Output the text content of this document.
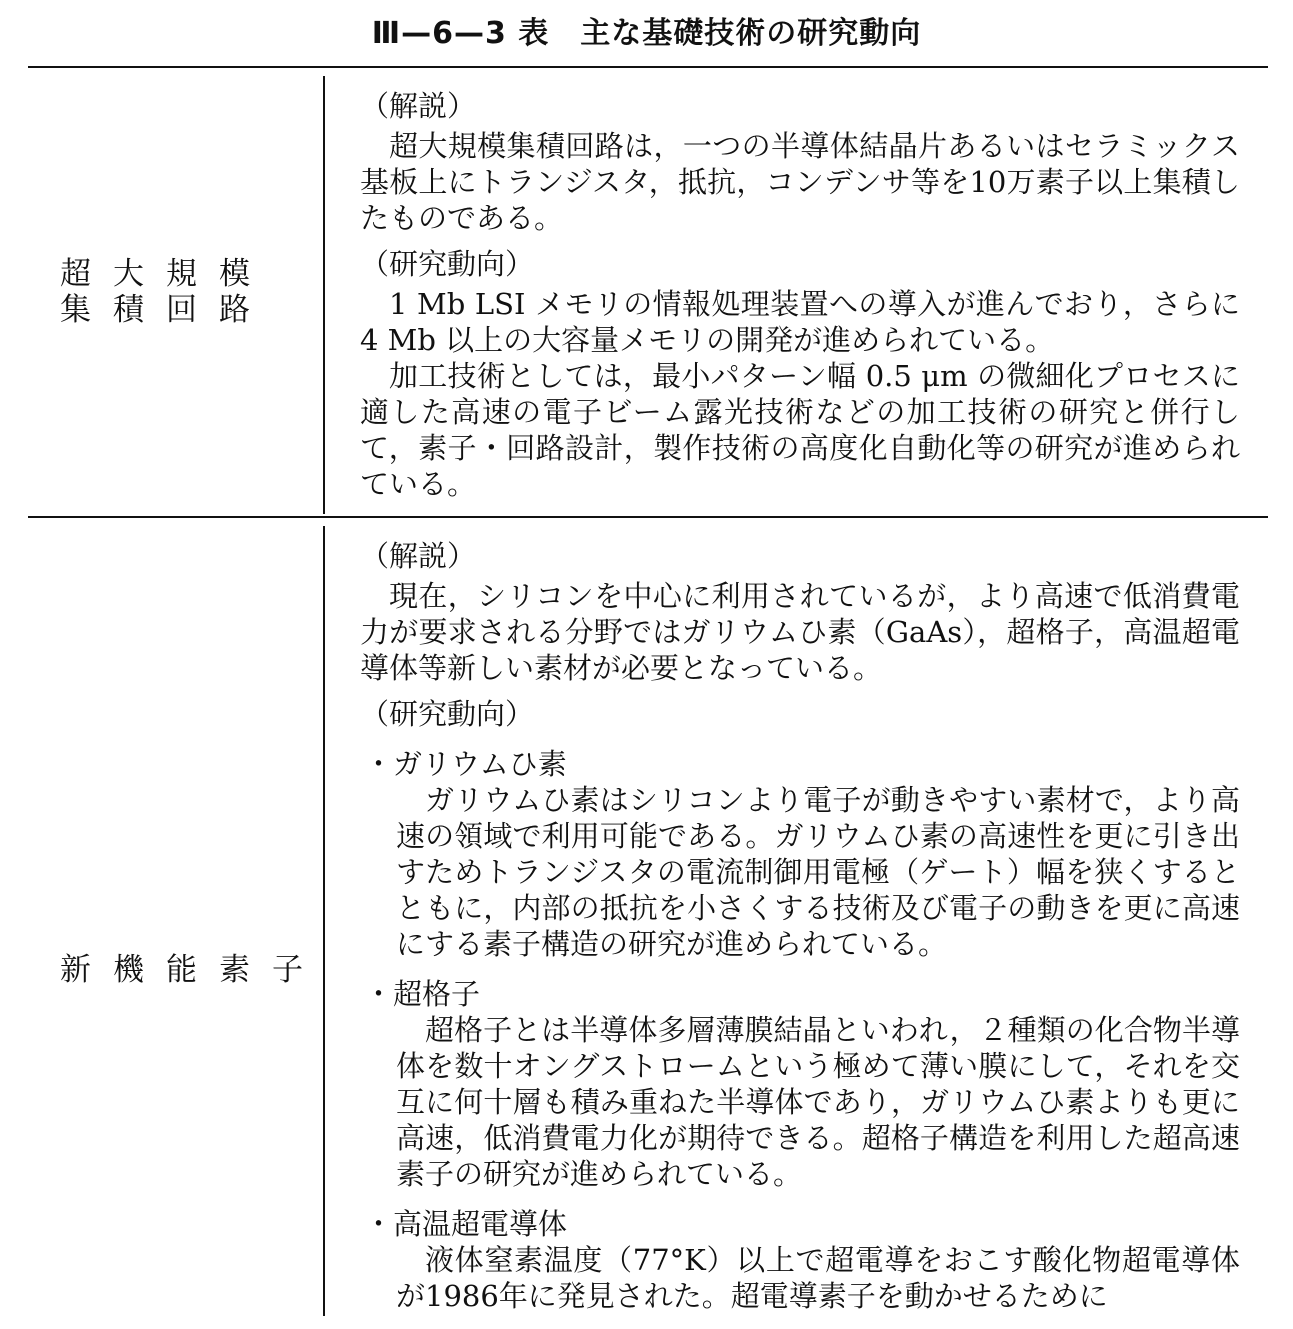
Ⅲ—6—3 表　主な基礎技術の研究動向
超大規模
集積回路

（解説）

超大規模集積回路は，一つの半導体結晶片あるいはセラミックス基板上にトランジスタ，抵抗，コンデンサ等を10万素子以上集積したものである。

（研究動向）

1 Mb LSI メモリの情報処理装置への導入が進んでおり，さらに 4 Mb 以上の大容量メモリの開発が進められている。

加工技術としては，最小パターン幅 0.5 μm の微細化プロセスに適した高速の電子ビーム露光技術などの加工技術の研究と併行して，素子・回路設計，製作技術の高度化自動化等の研究が進められている。

新機能素子

（解説）

現在，シリコンを中心に利用されているが，より高速で低消費電力が要求される分野ではガリウムひ素（GaAs），超格子，高温超電導体等新しい素材が必要となっている。

（研究動向）

・ガリウムひ素

ガリウムひ素はシリコンより電子が動きやすい素材で，より高速の領域で利用可能である。ガリウムひ素の高速性を更に引き出すためトランジスタの電流制御用電極（ゲート）幅を狭くするとともに，内部の抵抗を小さくする技術及び電子の動きを更に高速にする素子構造の研究が進められている。

・超格子

超格子とは半導体多層薄膜結晶といわれ，２種類の化合物半導体を数十オングストロームという極めて薄い膜にして，それを交互に何十層も積み重ねた半導体であり，ガリウムひ素よりも更に高速，低消費電力化が期待できる。超格子構造を利用した超高速素子の研究が進められている。

・高温超電導体

液体窒素温度（77°K）以上で超電導をおこす酸化物超電導体が1986年に発見された。超電導素子を動かせるために
